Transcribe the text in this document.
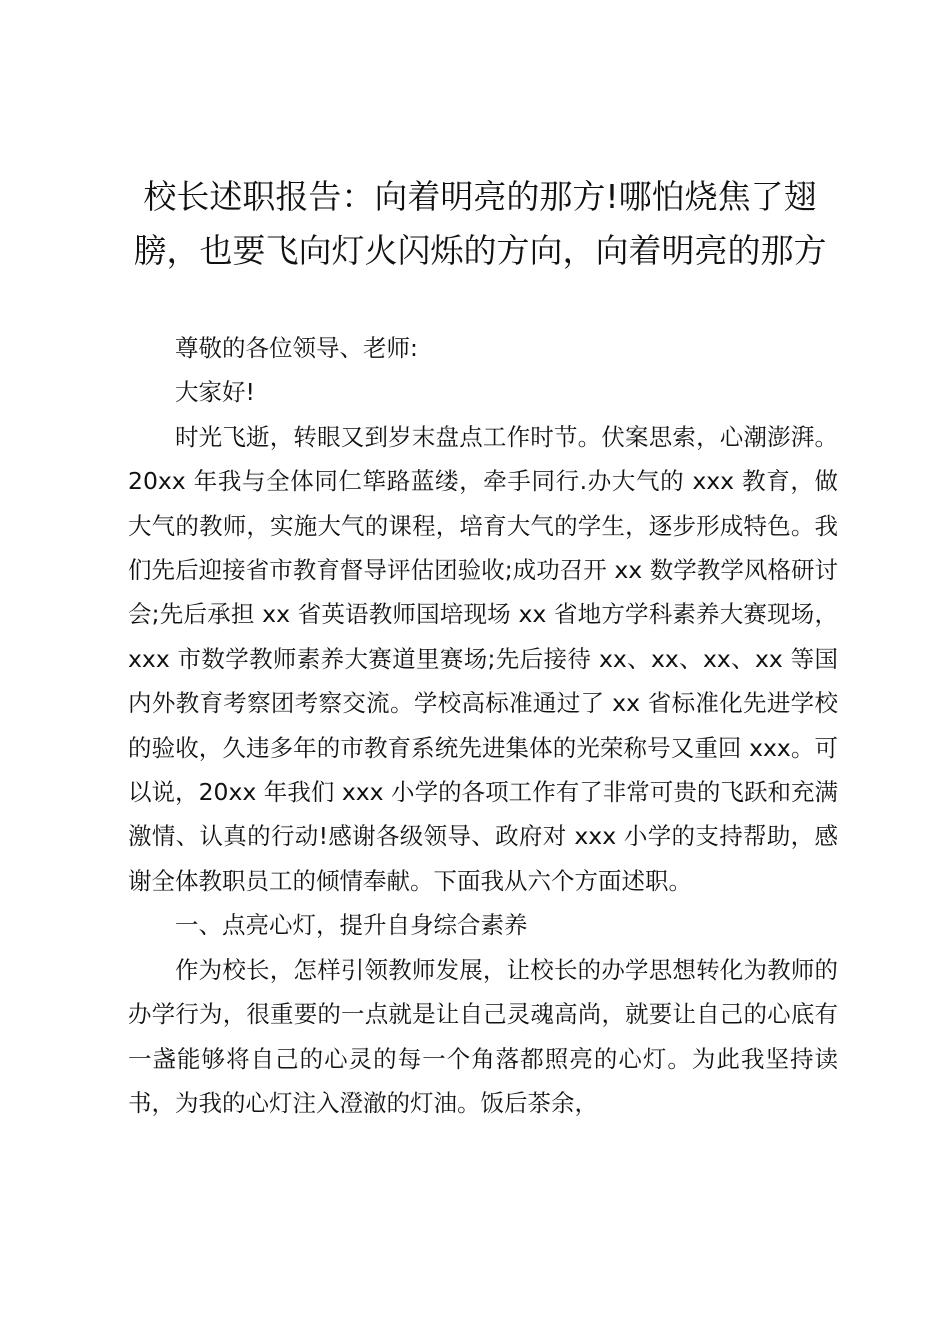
校长述职报告：向着明亮的那方!哪怕烧焦了翅膀，也要飞向灯火闪烁的方向，向着明亮的那方

尊敬的各位领导、老师:

大家好!

时光飞逝，转眼又到岁末盘点工作时节。伏案思索，心潮澎湃。20xx 年我与全体同仁筚路蓝缕，牵手同行.办大气的 xxx 教育，做大气的教师，实施大气的课程，培育大气的学生，逐步形成特色。我们先后迎接省市教育督导评估团验收;成功召开 xx 数学教学风格研讨会;先后承担 xx 省英语教师国培现场 xx 省地方学科素养大赛现场，xxx 市数学教师素养大赛道里赛场;先后接待 xx、xx、xx、xx 等国内外教育考察团考察交流。学校高标准通过了 xx 省标准化先进学校的验收，久违多年的市教育系统先进集体的光荣称号又重回 xxx。可以说，20xx 年我们 xxx 小学的各项工作有了非常可贵的飞跃和充满激情、认真的行动!感谢各级领导、政府对 xxx 小学的支持帮助，感谢全体教职员工的倾情奉献。下面我从六个方面述职。

一、点亮心灯，提升自身综合素养

作为校长，怎样引领教师发展，让校长的办学思想转化为教师的办学行为，很重要的一点就是让自己灵魂高尚，就要让自己的心底有一盏能够将自己的心灵的每一个角落都照亮的心灯。为此我坚持读书，为我的心灯注入澄澈的灯油。饭后茶余，
